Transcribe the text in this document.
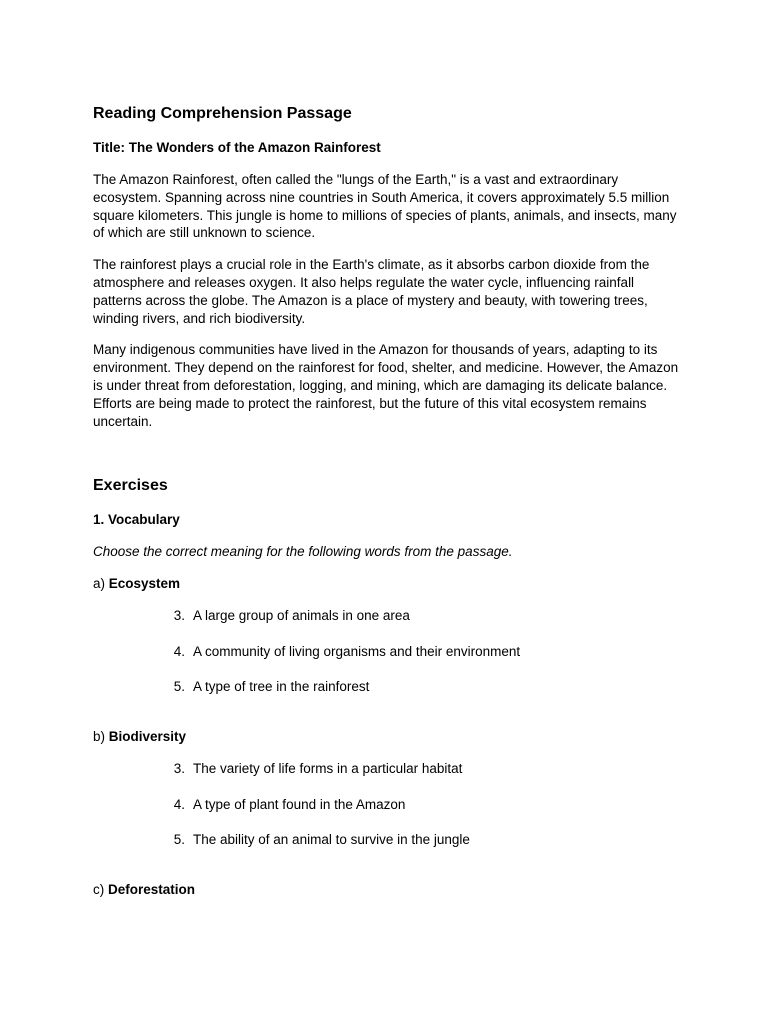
Reading Comprehension Passage
Title: The Wonders of the Amazon Rainforest

The Amazon Rainforest, often called the "lungs of the Earth," is a vast and extraordinary ecosystem. Spanning across nine countries in South America, it covers approximately 5.5 million square kilometers. This jungle is home to millions of species of plants, animals, and insects, many of which are still unknown to science.

The rainforest plays a crucial role in the Earth's climate, as it absorbs carbon dioxide from the atmosphere and releases oxygen. It also helps regulate the water cycle, influencing rainfall patterns across the globe. The Amazon is a place of mystery and beauty, with towering trees, winding rivers, and rich biodiversity.

Many indigenous communities have lived in the Amazon for thousands of years, adapting to its environment. They depend on the rainforest for food, shelter, and medicine. However, the Amazon is under threat from deforestation, logging, and mining, which are damaging its delicate balance. Efforts are being made to protect the rainforest, but the future of this vital ecosystem remains uncertain.

Exercises
1. Vocabulary
Choose the correct meaning for the following words from the passage.
a) Ecosystem
3. A large group of animals in one area
4. A community of living organisms and their environment
5. A type of tree in the rainforest
b) Biodiversity
3. The variety of life forms in a particular habitat
4. A type of plant found in the Amazon
5. The ability of an animal to survive in the jungle
c) Deforestation
